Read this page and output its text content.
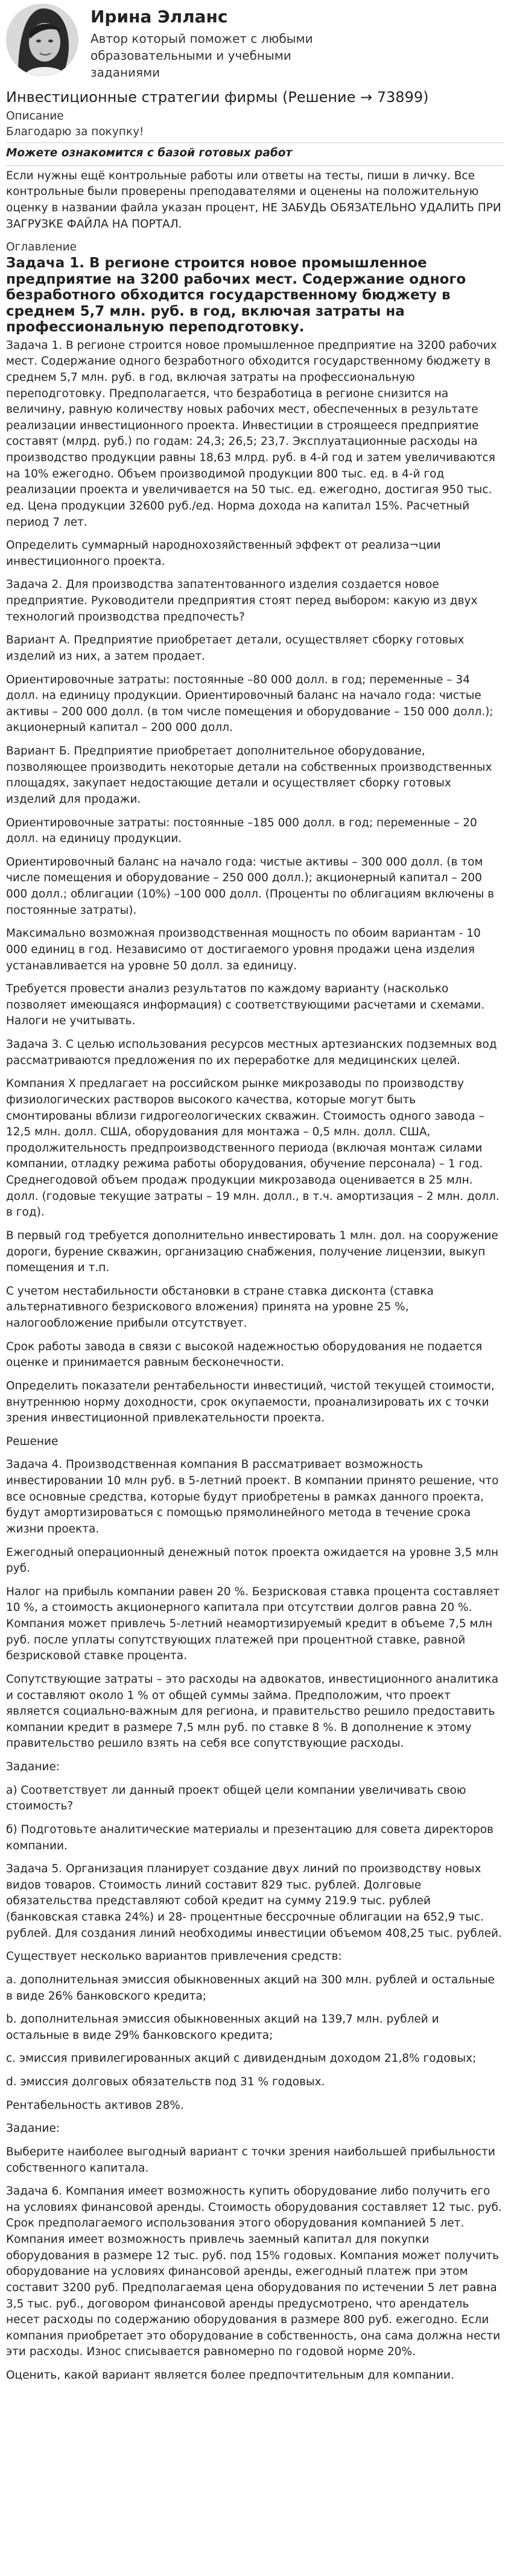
Ирина Элланс
Автор который поможет с любыми образовательными и учебными заданиями
Инвестиционные стратегии фирмы (Решение → 73899)
Описание
Благодарю за покупку!
Можете ознакомится с базой готовых работ

Если нужны ещё контрольные работы или ответы на тесты, пиши в личку. Все контрольные были проверены преподавателями и оценены на положительную оценку в названии файла указан процент, НЕ ЗАБУДЬ ОБЯЗАТЕЛЬНО УДАЛИТЬ ПРИ ЗАГРУЗКЕ ФАЙЛА НА ПОРТАЛ.

Оглавление
Задача 1. В регионе строится новое промышленное предприятие на 3200 рабочих мест. Содержание одного безработного обходится государственному бюджету в среднем 5,7 млн. руб. в год, включая затраты на профессиональную переподготовку.

Задача 1. В регионе строится новое промышленное предприятие на 3200 рабочих мест. Содержание одного безработного обходится государственному бюджету в среднем 5,7 млн. руб. в год, включая затраты на профессиональную переподготовку. Предполагается, что безработица в регионе снизится на величину, равную количеству новых рабочих мест, обеспеченных в результате реализации инвестиционного проекта. Инвестиции в строящееся предприятие составят (млрд. руб.) по годам: 24,3; 26,5; 23,7. Эксплуатационные расходы на производство продукции равны 18,63 млрд. руб. в 4-й год и затем увеличиваются на 10% ежегодно. Объем производимой продукции 800 тыс. ед. в 4-й год реализации проекта и увеличивается на 50 тыс. ед. ежегодно, достигая 950 тыс. ед. Цена продукции 32600 руб./ед. Норма дохода на капитал 15%. Расчетный период 7 лет.

Определить суммарный народнохозяйственный эффект от реализа¬ции инвестиционного проекта.

Задача 2. Для производства запатентованного изделия создается новое предприятие. Руководители предприятия стоят перед выбором: какую из двух технологий производства предпочесть?

Вариант А. Предприятие приобретает детали, осуществляет сборку готовых изделий из них, а затем продает.

Ориентировочные затраты: постоянные –80 000 долл. в год; переменные – 34 долл. на единицу продукции. Ориентировочный баланс на начало года: чистые активы – 200 000 долл. (в том числе помещения и оборудование – 150 000 долл.); акционерный капитал – 200 000 долл.

Вариант Б. Предприятие приобретает дополнительное оборудование, позволяющее производить некоторые детали на собственных производственных площадях, закупает недостающие детали и осуществляет сборку готовых изделий для продажи.

Ориентировочные затраты: постоянные –185 000 долл. в год; переменные – 20 долл. на единицу продукции.

Ориентировочный баланс на начало года: чистые активы – 300 000 долл. (в том числе помещения и оборудование – 250 000 долл.); акционерный капитал – 200 000 долл.; облигации (10%) –100 000 долл. (Проценты по облигациям включены в постоянные затраты).

Максимально возможная производственная мощность по обоим вариантам - 10 000 единиц в год. Независимо от достигаемого уровня продажи цена изделия устанавливается на уровне 50 долл. за единицу.

Требуется провести анализ результатов по каждому варианту (насколько позволяет имеющаяся информация) с соответствующими расчетами и схемами. Налоги не учитывать.

Задача 3. С целью использования ресурсов местных артезианских подземных вод рассматриваются предложения по их переработке для медицинских целей.

Компания X предлагает на российском рынке микрозаводы по производству физиологических растворов высокого качества, которые могут быть смонтированы вблизи гидрогеологических скважин. Стоимость одного завода – 12,5 млн. долл. США, оборудования для монтажа – 0,5 млн. долл. США, продолжительность предпроизводственного периода (включая монтаж силами компании, отладку режима работы оборудования, обучение персонала) – 1 год. Среднегодовой объем продаж продукции микрозавода оценивается в 25 млн. долл. (годовые текущие затраты – 19 млн. долл., в т.ч. амортизация – 2 млн. долл. в год).

В первый год требуется дополнительно инвестировать 1 млн. дол. на сооружение дороги, бурение скважин, организацию снабжения, получение лицензии, выкуп помещения и т.п.

С учетом нестабильности обстановки в стране ставка дисконта (ставка альтернативного безрискового вложения) принята на уровне 25 %, налогообложение прибыли отсутствует.

Срок работы завода в связи с высокой надежностью оборудования не подается оценке и принимается равным бесконечности.

Определить показатели рентабельности инвестиций, чистой текущей стоимости, внутреннюю норму доходности, срок окупаемости, проанализировать их с точки зрения инвестиционной привлекательности проекта.

Решение

Задача 4. Производственная компания В рассматривает возможность инвестировании 10 млн руб. в 5-летний проект. В компании принято решение, что все основные средства, которые будут приобретены в рамках данного проекта, будут амортизироваться с помощью прямолинейного метода в течение срока жизни проекта.

Ежегодный операционный денежный поток проекта ожидается на уровне 3,5 млн руб.

Налог на прибыль компании равен 20 %. Безрисковая ставка процента составляет 10 %, а стоимость акционерного капитала при отсутствии долгов равна 20 %. Компания может привлечь 5-летний неамортизируемый кредит в объеме 7,5 млн руб. после уплаты сопутствующих платежей при процентной ставке, равной безрисковой ставке процента.

Сопутствующие затраты – это расходы на адвокатов, инвестиционного аналитика и составляют около 1 % от общей суммы займа. Предположим, что проект является социально-важным для региона, и правительство решило предоставить компании кредит в размере 7,5 млн руб. по ставке 8 %. В дополнение к этому правительство решило взять на себя все сопутствующие расходы.

Задание:

а) Соответствует ли данный проект общей цели компании увеличивать свою стоимость?

б) Подготовьте аналитические материалы и презентацию для совета директоров компании.

Задача 5. Организация планирует создание двух линий по производству новых видов товаров. Стоимость линий составит 829 тыс. рублей. Долговые обязательства представляют собой кредит на сумму 219.9 тыс. рублей (банковская ставка 24%) и 28- процентные бессрочные облигации на 652,9 тыс. рублей. Для создания линий необходимы инвестиции объемом 408,25 тыс. рублей.

Существует несколько вариантов привлечения средств:

a. дополнительная эмиссия обыкновенных акций на 300 млн. рублей и остальные в виде 26% банковского кредита;

b. дополнительная эмиссия обыкновенных акций на 139,7 млн. рублей и остальные в виде 29% банковского кредита;

c. эмиссия привилегированных акций с дивидендным доходом 21,8% годовых;

d. эмиссия долговых обязательств под 31 % годовых.

Рентабельность активов 28%.

Задание:

Выберите наиболее выгодный вариант с точки зрения наибольшей прибыльности собственного капитала.

Задача 6. Компания имеет возможность купить оборудование либо получить его на условиях финансовой аренды. Стоимость оборудования составляет 12 тыс. руб. Срок предполагаемого использования этого оборудования компанией 5 лет. Компания имеет возможность привлечь заемный капитал для покупки оборудования в размере 12 тыс. руб. под 15% годовых. Компания может получить оборудование на условиях финансовой аренды, ежегодный платеж при этом составит 3200 руб. Предполагаемая цена оборудования по истечении 5 лет равна 3,5 тыс. руб., договором финансовой аренды предусмотрено, что арендатель несет расходы по содержанию оборудования в размере 800 руб. ежегодно. Если компания приобретает это оборудование в собственность, она сама должна нести эти расходы. Износ списывается равномерно по годовой норме 20%.

Оценить, какой вариант является более предпочтительным для компании.
